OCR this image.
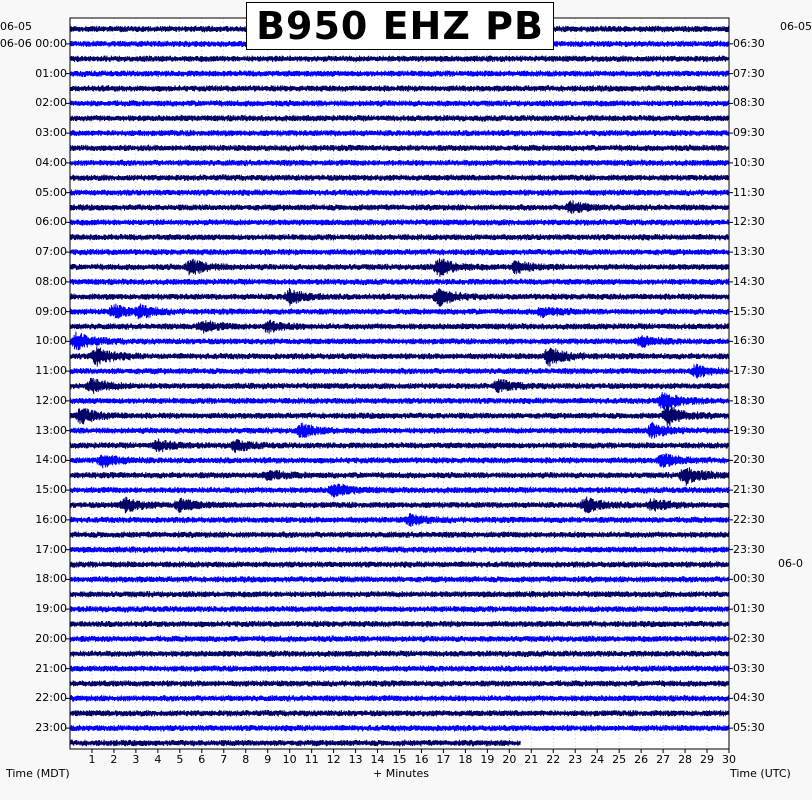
B950 EHZ PB
06-05	06-05
06-0
Time (MDT)	+ Minutes	Time (UTC)
06-06 00:00
01:00
02:00
03:00
04:00
05:00
06:00
07:00
08:00
09:00
10:00
11:00
12:00
13:00
14:00
15:00
16:00
17:00
18:00
19:00
20:00
21:00
22:00
23:00
06:30
07:30
08:30
09:30
10:30
11:30
12:30
13:30
14:30
15:30
16:30
17:30
18:30
19:30
20:30
21:30
22:30
23:30
00:30
01:30
02:30
03:30
04:30
05:30
1 2 3 4 5 6 7 8 9 10 11 12 13 14 15 16 17 18 19 20 21 22 23 24 25 26 27 28 29 30
